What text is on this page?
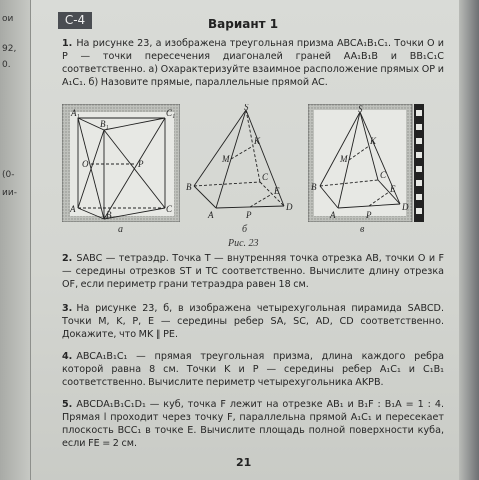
ои
92,
0.
(0-
ии-
C-4	Вариант 1
1. На рисунке 23, а изображена треугольная призма ABCA₁B₁C₁. Точки O и P — точки пересечения диагоналей граней AA₁B₁B и BB₁C₁C соответственно. а) Охарактеризуйте взаимное расположение прямых OP и A₁C₁. б) Назовите прямые, параллельные прямой AC.
A₁
B₁
C₁
O	P
A
B
C
S
M
K
B
C
E
A	P
D
S
M
K
B
C
E
A	P
D
а	б	в
Рис. 23
2. SABC — тетраэдр. Точка T — внутренняя точка отрезка AB, точки O и F — середины отрезков ST и TC соответственно. Вычислите длину отрезка OF, если периметр грани тетраэдра равен 18 см.
3. На рисунке 23, б, в изображена четырехугольная пирамида SABCD. Точки M, K, P, E — середины ребер SA, SC, AD, CD соответственно. Докажите, что MK ∥ PE.
4. ABCA₁B₁C₁ — прямая треугольная призма, длина каждого ребра которой равна 8 см. Точки K и P — середины ребер A₁C₁ и C₁B₁ соответственно. Вычислите периметр четырехугольника AKPB.
5. ABCDA₁B₁C₁D₁ — куб, точка F лежит на отрезке AB₁ и B₁F : B₁A = 1 : 4. Прямая l проходит через точку F, параллельна прямой A₁C₁ и пересекает плоскость BCC₁ в точке E. Вычислите площадь полной поверхности куба, если FE = 2 см.
21
